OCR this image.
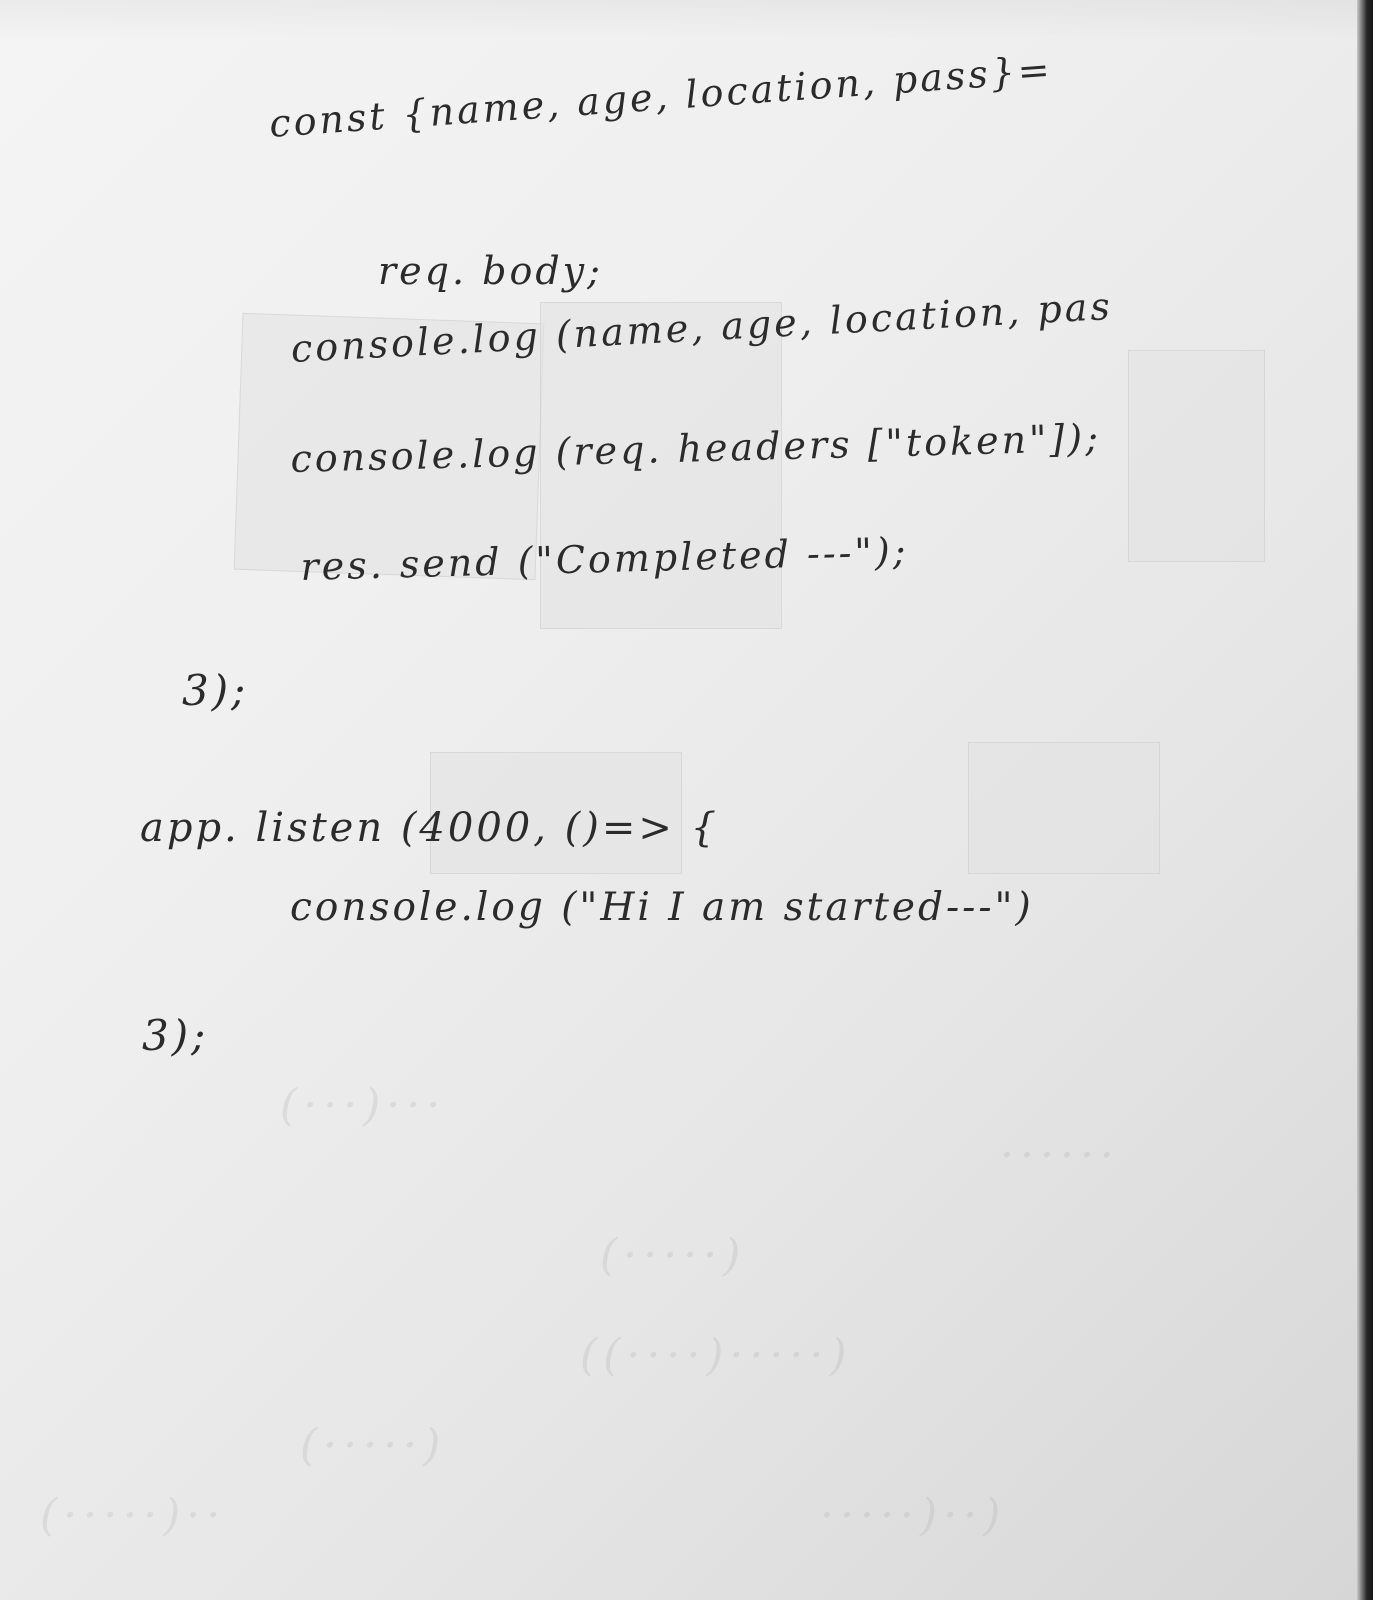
(···)···
······
(·····)
((····)·····)
(·····)
(·····)··	·····)··)
const {name, age, location, pass}=
req. body;
console.log (name, age, location, pas
console.log (req. headers ["token"]);
res. send ("Completed ---");
3);
app. listen (4000, ()=> {
console.log ("Hi I am started---")
3);
